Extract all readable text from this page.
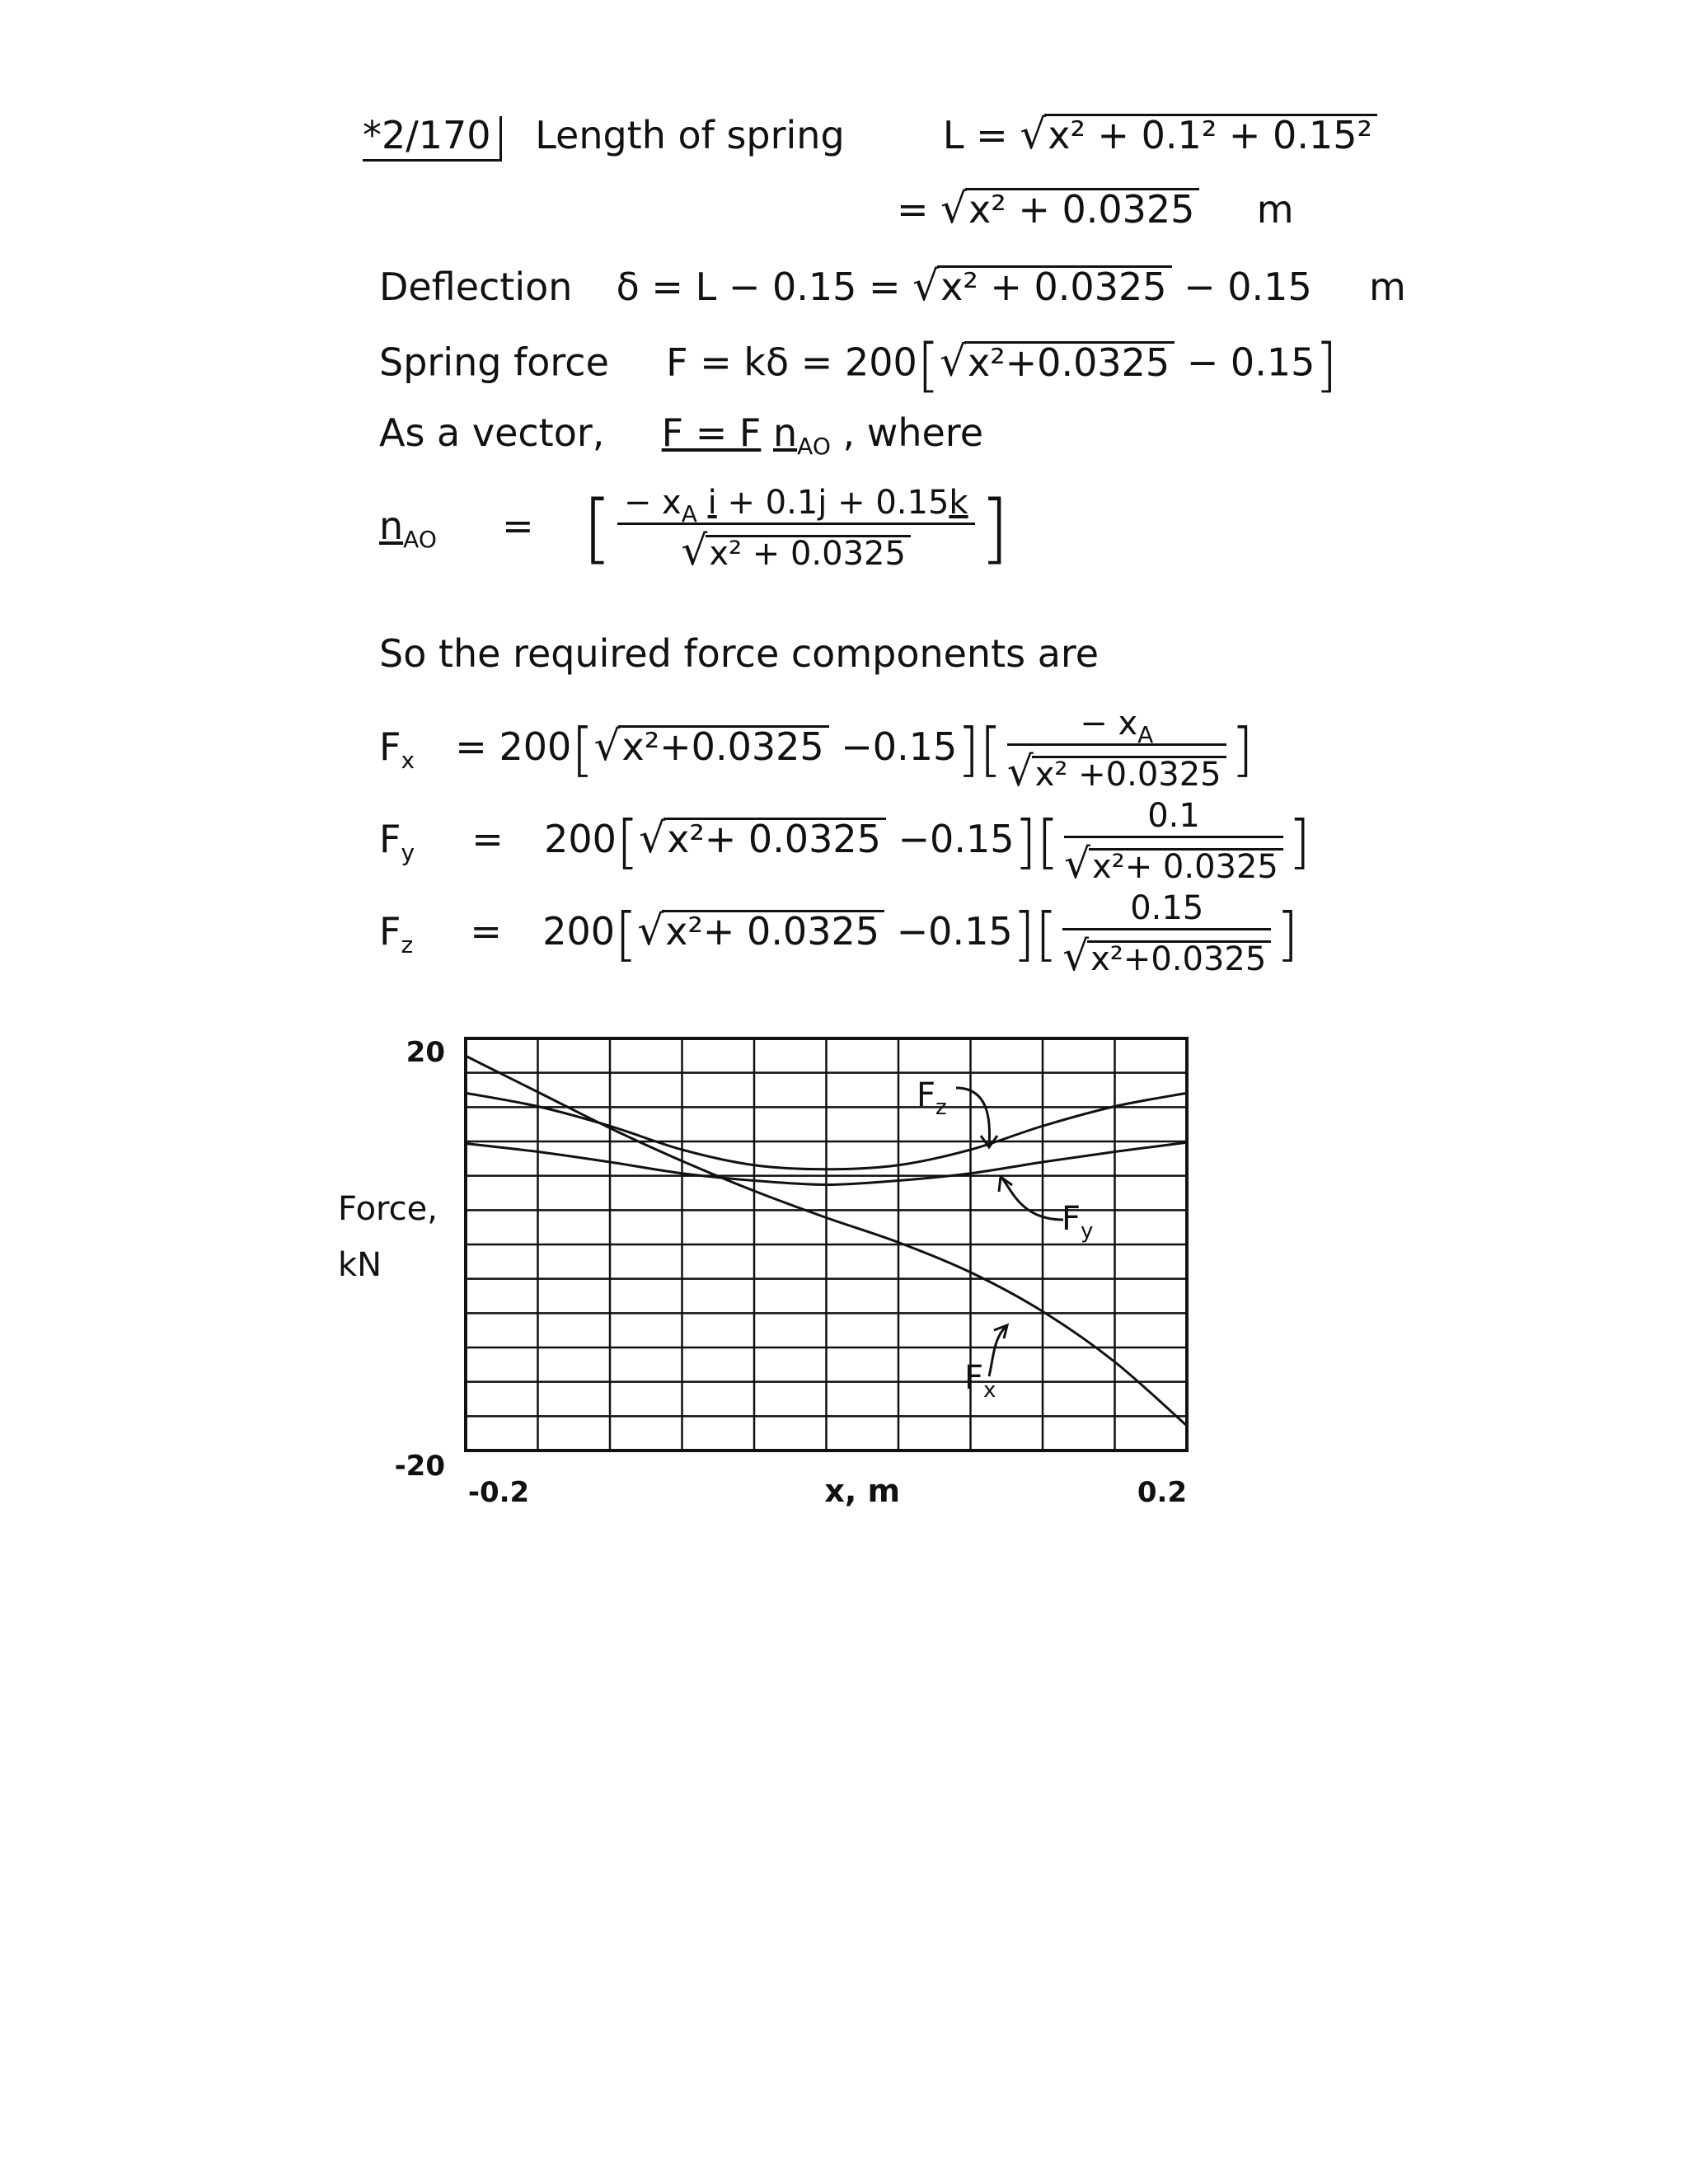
*2/170 Length of spring	L = √x² + 0.1² + 0.15²
= √x² + 0.0325 m
Deflection δ = L − 0.15 = √x² + 0.0325 − 0.15 m
Spring force F = kδ = 200[√x²+0.0325 − 0.15]
As a vector, F = F $n_{AO}$ , where
$n_{AO}$ = [ $\frac{- x_A i + 0.1j + 0.15k}{\text{√x² + 0.0325}}$ ]
So the required force components are
$F_x = 200[√x^2+0.0325 -0.15][ \frac{- x_A}{\text{√x² +0.0325}}$ ]
$F_y = 200[√x^2+ 0.0325 -0.15][ \frac{0.1}{\text{√x²+ 0.0325}}$ ]
$F_z = 200[√x^2+ 0.0325 -0.15][ \frac{0.15}{\text{√x²+0.0325}}$ ]
20
-20
-0.2	0.2
x, m
Force,
kN
$F_z$
$F_y$
$F_x$
